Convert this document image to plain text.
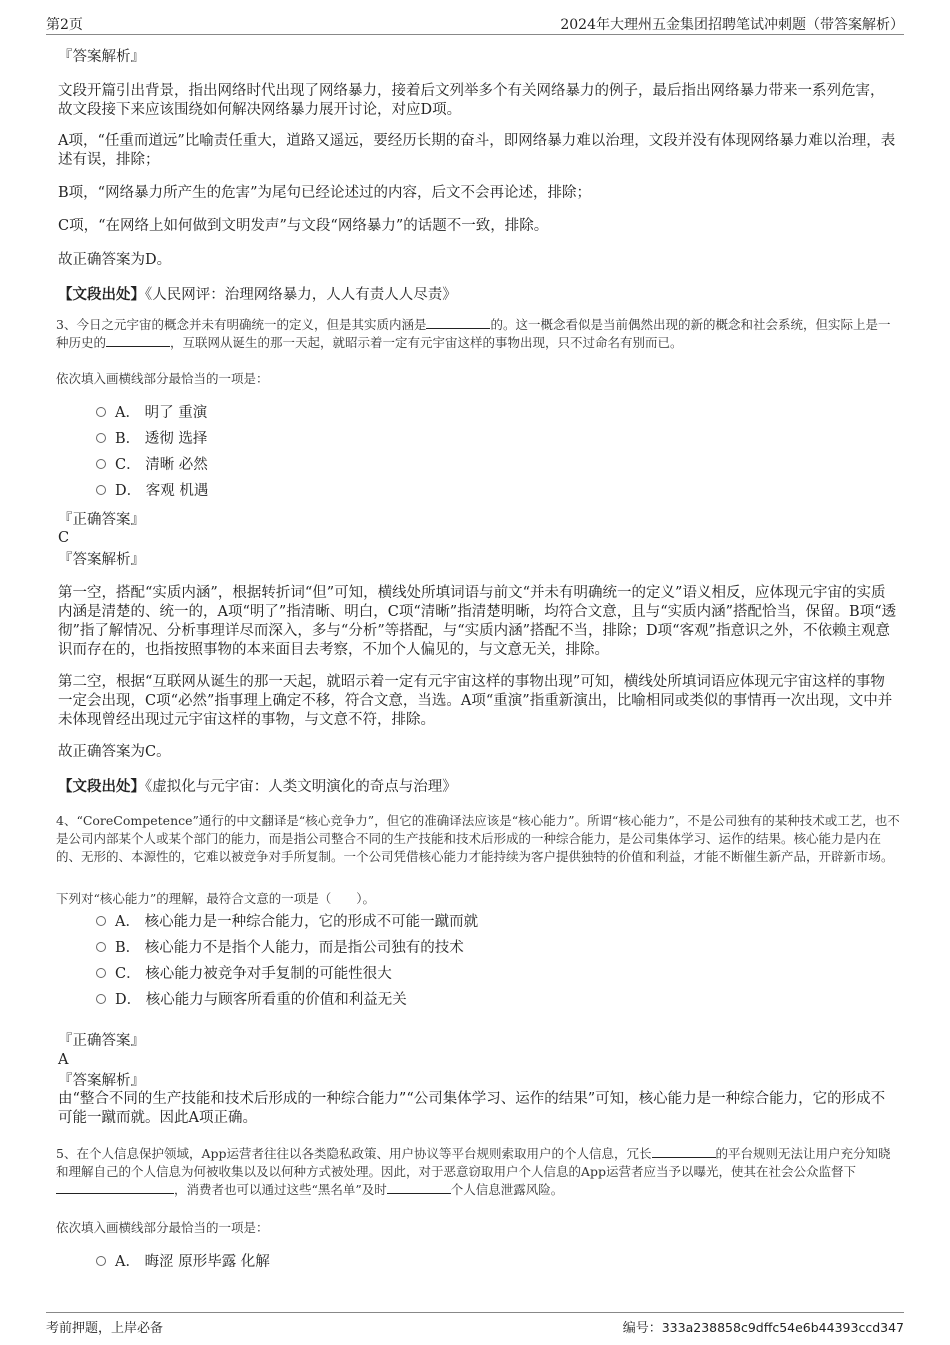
第2页	2024年大理州五金集团招聘笔试冲刺题（带答案解析）
『答案解析』
文段开篇引出背景，指出网络时代出现了网络暴力，接着后文列举多个有关网络暴力的例子，最后指出网络暴力带来一系列危害，故文段接下来应该围绕如何解决网络暴力展开讨论，对应D项。
A项，“任重而道远”比喻责任重大，道路又遥远，要经历长期的奋斗，即网络暴力难以治理，文段并没有体现网络暴力难以治理，表述有误，排除；
B项，“网络暴力所产生的危害”为尾句已经论述过的内容，后文不会再论述，排除；
C项，“在网络上如何做到文明发声”与文段“网络暴力”的话题不一致，排除。
故正确答案为D。
【文段出处】《人民网评：治理网络暴力，人人有责人人尽责》
3、今日之元宇宙的概念并未有明确统一的定义，但是其实质内涵是	的。这一概念看似是当前偶然出现的新的概念和社会系统，但实际上是一种历史的	，互联网从诞生的那一天起，就昭示着一定有元宇宙这样的事物出现，只不过命名有别而已。
依次填入画横线部分最恰当的一项是：
A． 明了 重演
B． 透彻 选择
C． 清晰 必然
D． 客观 机遇
『正确答案』
C
『答案解析』
第一空，搭配“实质内涵”，根据转折词“但”可知，横线处所填词语与前文“并未有明确统一的定义”语义相反，应体现元宇宙的实质内涵是清楚的、统一的，A项“明了”指清晰、明白，C项“清晰”指清楚明晰，均符合文意，且与“实质内涵”搭配恰当，保留。B项“透彻”指了解情况、分析事理详尽而深入，多与“分析”等搭配，与“实质内涵”搭配不当，排除；D项“客观”指意识之外，不依赖主观意识而存在的，也指按照事物的本来面目去考察，不加个人偏见的，与文意无关，排除。
第二空，根据“互联网从诞生的那一天起，就昭示着一定有元宇宙这样的事物出现”可知，横线处所填词语应体现元宇宙这样的事物一定会出现，C项“必然”指事理上确定不移，符合文意，当选。A项“重演”指重新演出，比喻相同或类似的事情再一次出现，文中并未体现曾经出现过元宇宙这样的事物，与文意不符，排除。
故正确答案为C。
【文段出处】《虚拟化与元宇宙：人类文明演化的奇点与治理》
4、“CoreCompetence”通行的中文翻译是“核心竞争力”，但它的准确译法应该是“核心能力”。所谓“核心能力”，不是公司独有的某种技术或工艺，也不是公司内部某个人或某个部门的能力，而是指公司整合不同的生产技能和技术后形成的一种综合能力，是公司集体学习、运作的结果。核心能力是内在的、无形的、本源性的，它难以被竞争对手所复制。一个公司凭借核心能力才能持续为客户提供独特的价值和利益，才能不断催生新产品，开辟新市场。
下列对“核心能力”的理解，最符合文意的一项是（　　）。
A． 核心能力是一种综合能力，它的形成不可能一蹴而就
B． 核心能力不是指个人能力，而是指公司独有的技术
C． 核心能力被竞争对手复制的可能性很大
D． 核心能力与顾客所看重的价值和利益无关
『正确答案』
A
『答案解析』
由“整合不同的生产技能和技术后形成的一种综合能力”“公司集体学习、运作的结果”可知，核心能力是一种综合能力，它的形成不可能一蹴而就。因此A项正确。
5、在个人信息保护领域，App运营者往往以各类隐私政策、用户协议等平台规则索取用户的个人信息，冗长	的平台规则无法让用户充分知晓和理解自己的个人信息为何被收集以及以何种方式被处理。因此，对于恶意窃取用户个人信息的App运营者应当予以曝光，使其在社会公众监督下，消费者也可以通过这些“黑名单”及时	个人信息泄露风险。
依次填入画横线部分最恰当的一项是：
A． 晦涩 原形毕露 化解
考前押题，上岸必备	编号：333a238858c9dffc54e6b44393ccd347
